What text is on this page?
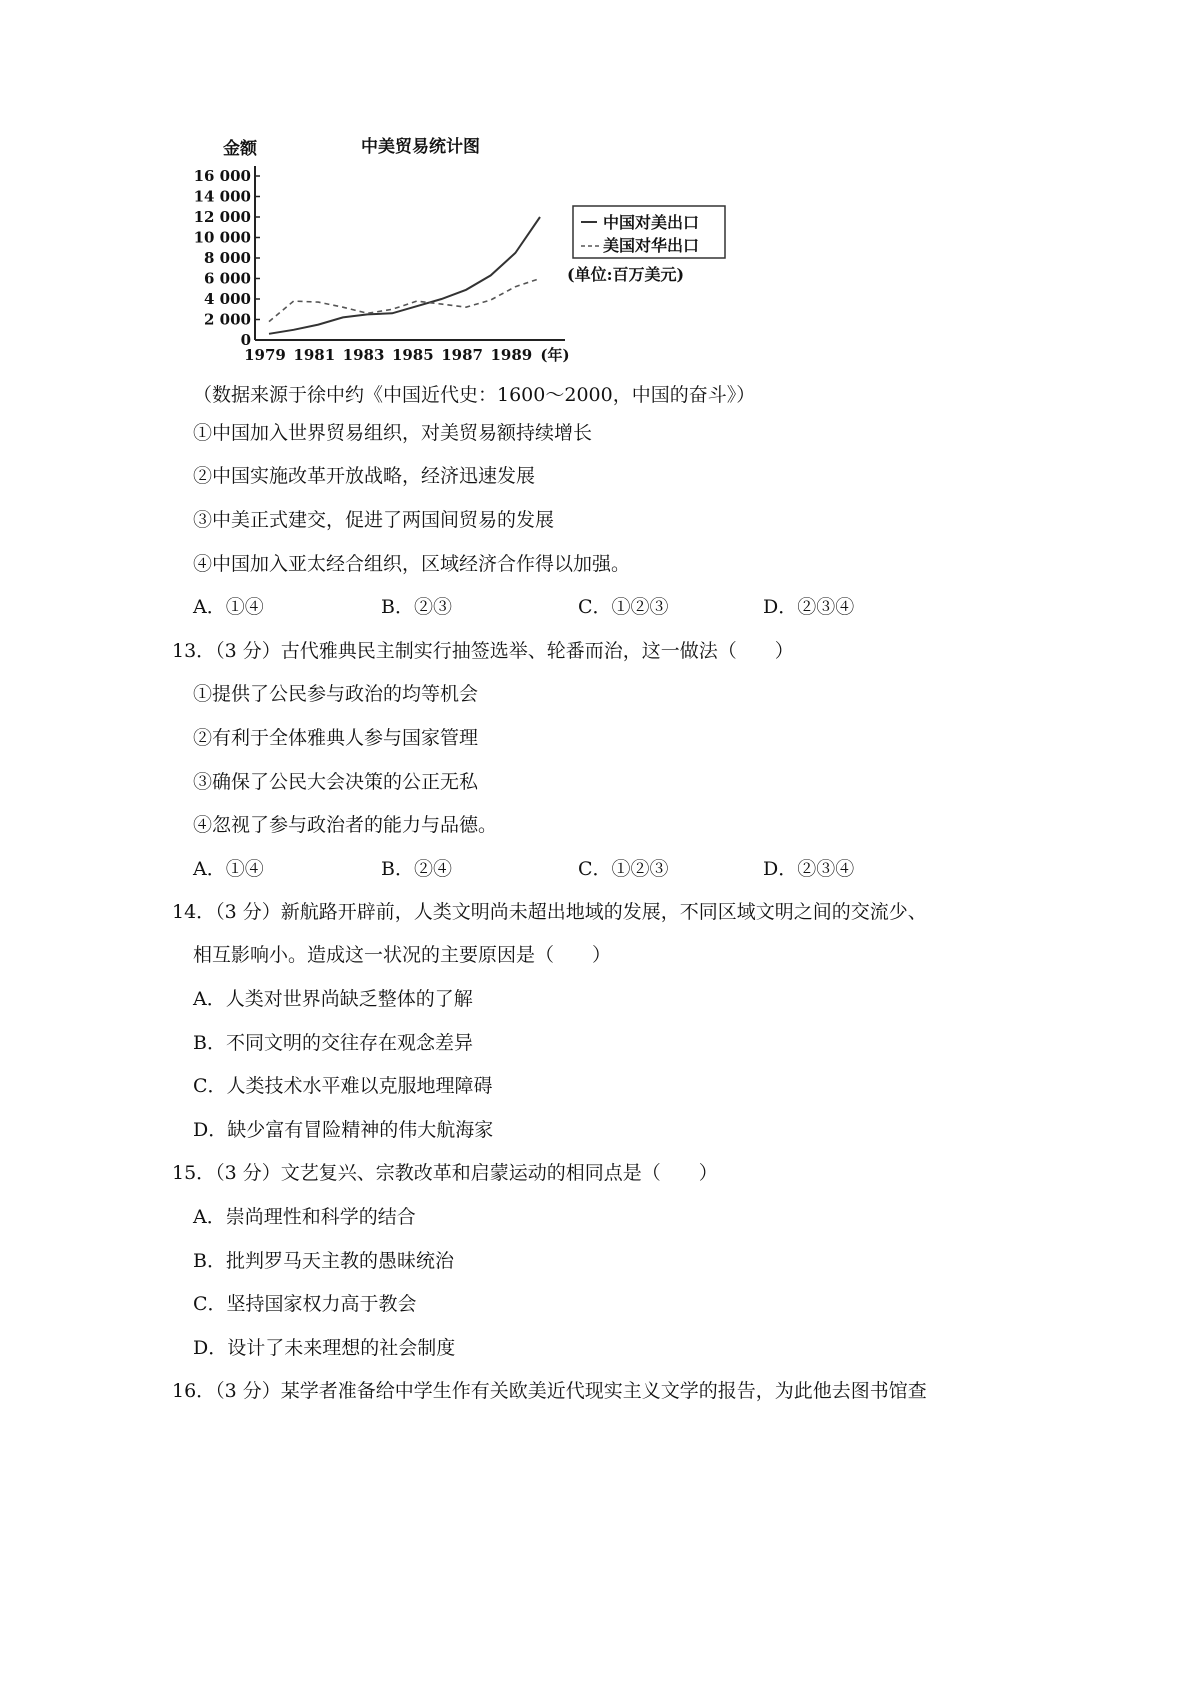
金额	中美贸易统计图
16 000
14 000
12 000
10 000
8 000
6 000
4 000
2 000
0
1979 1981 1983 1985 1987 1989 (年)
中国对美出口
美国对华出口
(单位:百万美元)
（数据来源于徐中约《中国近代史：1600～2000，中国的奋斗》）
①中国加入世界贸易组织，对美贸易额持续增长
②中国实施改革开放战略，经济迅速发展
③中美正式建交，促进了两国间贸易的发展
④中国加入亚太经合组织，区域经济合作得以加强。
A．①④	B．②③	C．①②③	D．②③④
13．（3 分）古代雅典民主制实行抽签选举、轮番而治，这一做法（　　）
①提供了公民参与政治的均等机会
②有利于全体雅典人参与国家管理
③确保了公民大会决策的公正无私
④忽视了参与政治者的能力与品德。
A．①④	B．②④	C．①②③	D．②③④
14．（3 分）新航路开辟前，人类文明尚未超出地域的发展，不同区域文明之间的交流少、
相互影响小。造成这一状况的主要原因是（　　）
A．人类对世界尚缺乏整体的了解
B．不同文明的交往存在观念差异
C．人类技术水平难以克服地理障碍
D．缺少富有冒险精神的伟大航海家
15．（3 分）文艺复兴、宗教改革和启蒙运动的相同点是（　　）
A．崇尚理性和科学的结合
B．批判罗马天主教的愚昧统治
C．坚持国家权力高于教会
D．设计了未来理想的社会制度
16．（3 分）某学者准备给中学生作有关欧美近代现实主义文学的报告，为此他去图书馆查
